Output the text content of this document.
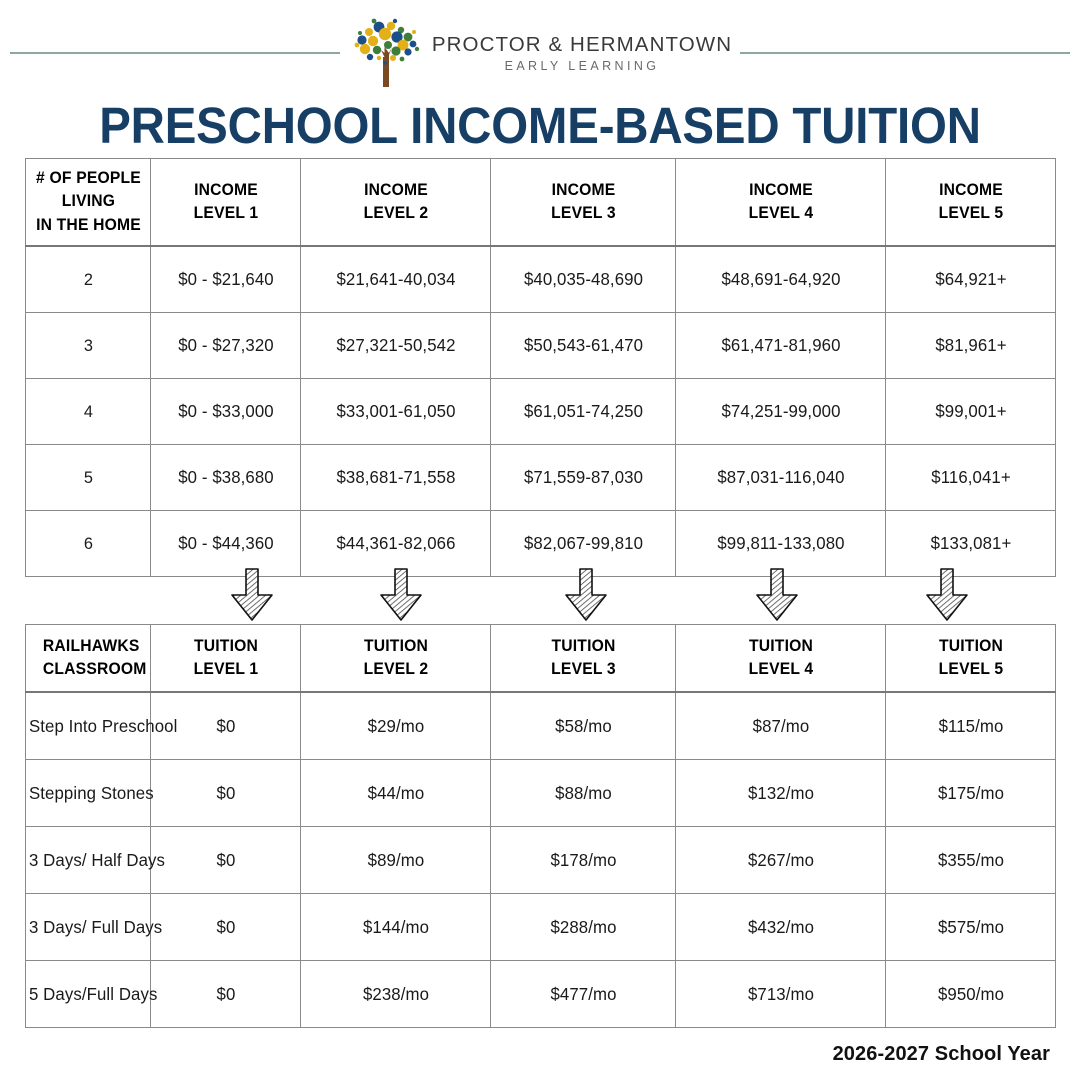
PROCTOR & HERMANTOWN
EARLY LEARNING
PRESCHOOL INCOME-BASED TUITION
# OF PEOPLE
LIVING
IN THE HOME

INCOME
LEVEL 1

INCOME
LEVEL 2

INCOME
LEVEL 3

INCOME
LEVEL 4

INCOME
LEVEL 5

2	$0 - $21,640	$21,641-40,034	$40,035-48,690	$48,691-64,920	$64,921+
3	$0 - $27,320	$27,321-50,542	$50,543-61,470	$61,471-81,960	$81,961+
4	$0 - $33,000	$33,001-61,050	$61,051-74,250	$74,251-99,000	$99,001+
5	$0 - $38,680	$38,681-71,558	$71,559-87,030	$87,031-116,040	$116,041+
6	$0 - $44,360	$44,361-82,066	$82,067-99,810	$99,811-133,080	$133,081+
RAILHAWKS
CLASSROOM

TUITION
LEVEL 1

TUITION
LEVEL 2

TUITION
LEVEL 3

TUITION
LEVEL 4

TUITION
LEVEL 5

Step Into Preschool	$0	$29/mo	$58/mo	$87/mo	$115/mo
Stepping Stones	$0	$44/mo	$88/mo	$132/mo	$175/mo
3 Days/ Half Days	$0	$89/mo	$178/mo	$267/mo	$355/mo
3 Days/ Full Days	$0	$144/mo	$288/mo	$432/mo	$575/mo
5 Days/Full Days	$0	$238/mo	$477/mo	$713/mo	$950/mo
2026-2027 School Year
